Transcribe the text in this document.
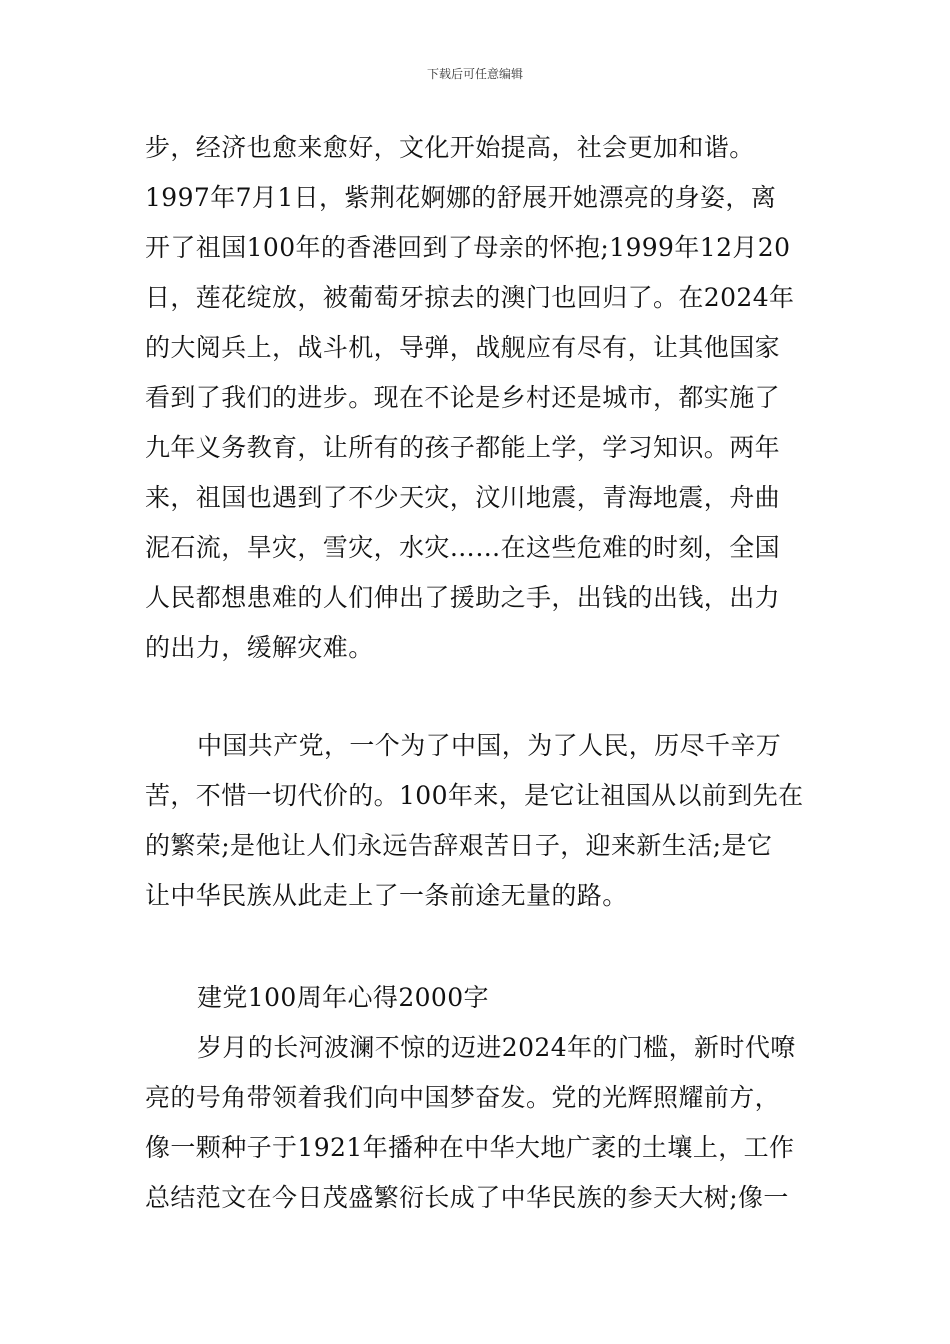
下载后可任意编辑
步，经济也愈来愈好，文化开始提高，社会更加和谐。
1997年7月1日，紫荆花婀娜的舒展开她漂亮的身姿，离
开了祖国100年的香港回到了母亲的怀抱;1999年12月20
日，莲花绽放，被葡萄牙掠去的澳门也回归了。在2024年
的大阅兵上，战斗机，导弹，战舰应有尽有，让其他国家
看到了我们的进步。现在不论是乡村还是城市，都实施了
九年义务教育，让所有的孩子都能上学，学习知识。两年
来，祖国也遇到了不少天灾，汶川地震，青海地震，舟曲
泥石流，旱灾，雪灾，水灾……在这些危难的时刻，全国
人民都想患难的人们伸出了援助之手，出钱的出钱，出力
的出力，缓解灾难。
中国共产党，一个为了中国，为了人民，历尽千辛万
苦，不惜一切代价的。100年来，是它让祖国从以前到先在
的繁荣;是他让人们永远告辞艰苦日子，迎来新生活;是它
让中华民族从此走上了一条前途无量的路。
建党100周年心得2000字
岁月的长河波澜不惊的迈进2024年的门槛，新时代嘹
亮的号角带领着我们向中国梦奋发。党的光辉照耀前方，
像一颗种子于1921年播种在中华大地广袤的土壤上，工作
总结范文在今日茂盛繁衍长成了中华民族的参天大树;像一
